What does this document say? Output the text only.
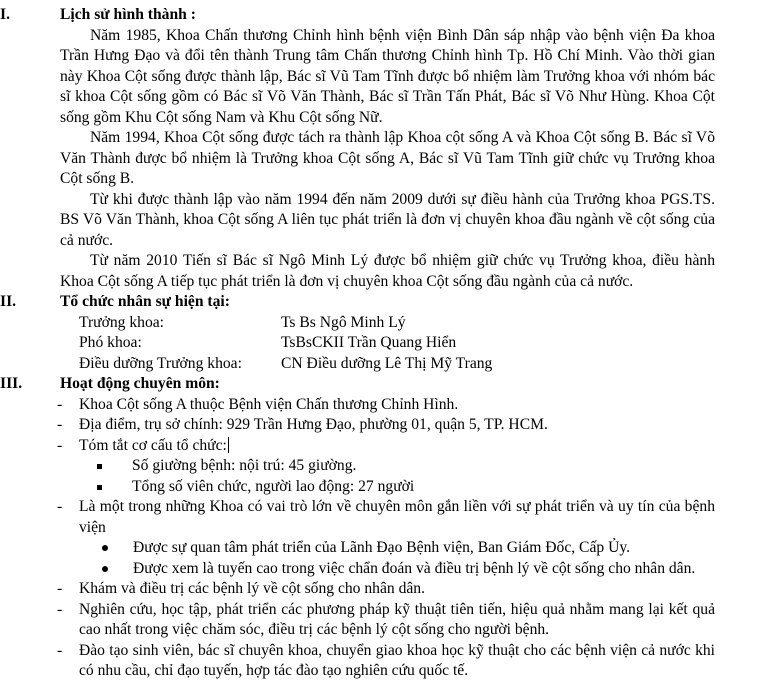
I.	Lịch sử hình thành :

Năm 1985, Khoa Chấn thương Chỉnh hình bệnh viện Bình Dân sáp nhập vào bệnh viện Đa khoa Trần Hưng Đạo và đổi tên thành Trung tâm Chấn thương Chỉnh hình Tp. Hồ Chí Minh. Vào thời gian này Khoa Cột sống được thành lập, Bác sĩ Vũ Tam Tĩnh được bổ nhiệm làm Trưởng khoa với nhóm bác sĩ khoa Cột sống gồm có Bác sĩ Võ Văn Thành, Bác sĩ Trần Tấn Phát, Bác sĩ Võ Như Hùng. Khoa Cột sống gồm Khu Cột sống Nam và Khu Cột sống Nữ.

Năm 1994, Khoa Cột sống được tách ra thành lập Khoa cột sống A và Khoa Cột sống B. Bác sĩ Võ Văn Thành được bổ nhiệm là Trưởng khoa Cột sống A, Bác sĩ Vũ Tam Tĩnh giữ chức vụ Trưởng khoa Cột sống B.

Từ khi được thành lập vào năm 1994 đến năm 2009 dưới sự điều hành của Trưởng khoa PGS.TS. BS Võ Văn Thành, khoa Cột sống A liên tục phát triển là đơn vị chuyên khoa đầu ngành về cột sống của cả nước.

Từ năm 2010 Tiến sĩ Bác sĩ Ngô Minh Lý được bổ nhiệm giữ chức vụ Trưởng khoa, điều hành Khoa Cột sống A tiếp tục phát triển là đơn vị chuyên khoa Cột sống đầu ngành của cả nước.

II.	Tổ chức nhân sự hiện tại:
Trưởng khoa:	Ts Bs Ngô Minh Lý
Phó khoa:	TsBsCKII Trần Quang Hiển
Điều dưỡng Trưởng khoa:	CN Điều dưỡng Lê Thị Mỹ Trang
III.	Hoạt động chuyên môn:
- Khoa Cột sống A thuộc Bệnh viện Chấn thương Chỉnh Hình.
- Địa điểm, trụ sở chính: 929 Trần Hưng Đạo, phường 01, quận 5, TP. HCM.
- Tóm tắt cơ cấu tổ chức:
Số giường bệnh: nội trú: 45 giường.
Tổng số viên chức, người lao động: 27 người
- Là một trong những Khoa có vai trò lớn về chuyên môn gắn liền với sự phát triển và uy tín của bệnh viện
Được sự quan tâm phát triển của Lãnh Đạo Bệnh viện, Ban Giám Đốc, Cấp Ủy.
Được xem là tuyến cao trong việc chẩn đoán và điều trị bệnh lý về cột sống cho nhân dân.
- Khám và điều trị các bệnh lý về cột sống cho nhân dân.
- Nghiên cứu, học tập, phát triển các phương pháp kỹ thuật tiên tiến, hiệu quả nhằm mang lại kết quả cao nhất trong việc chăm sóc, điều trị các bệnh lý cột sống cho người bệnh.
- Đào tạo sinh viên, bác sĩ chuyên khoa, chuyển giao khoa học kỹ thuật cho các bệnh viện cả nước khi có nhu cầu, chỉ đạo tuyến, hợp tác đào tạo nghiên cứu quốc tế.
